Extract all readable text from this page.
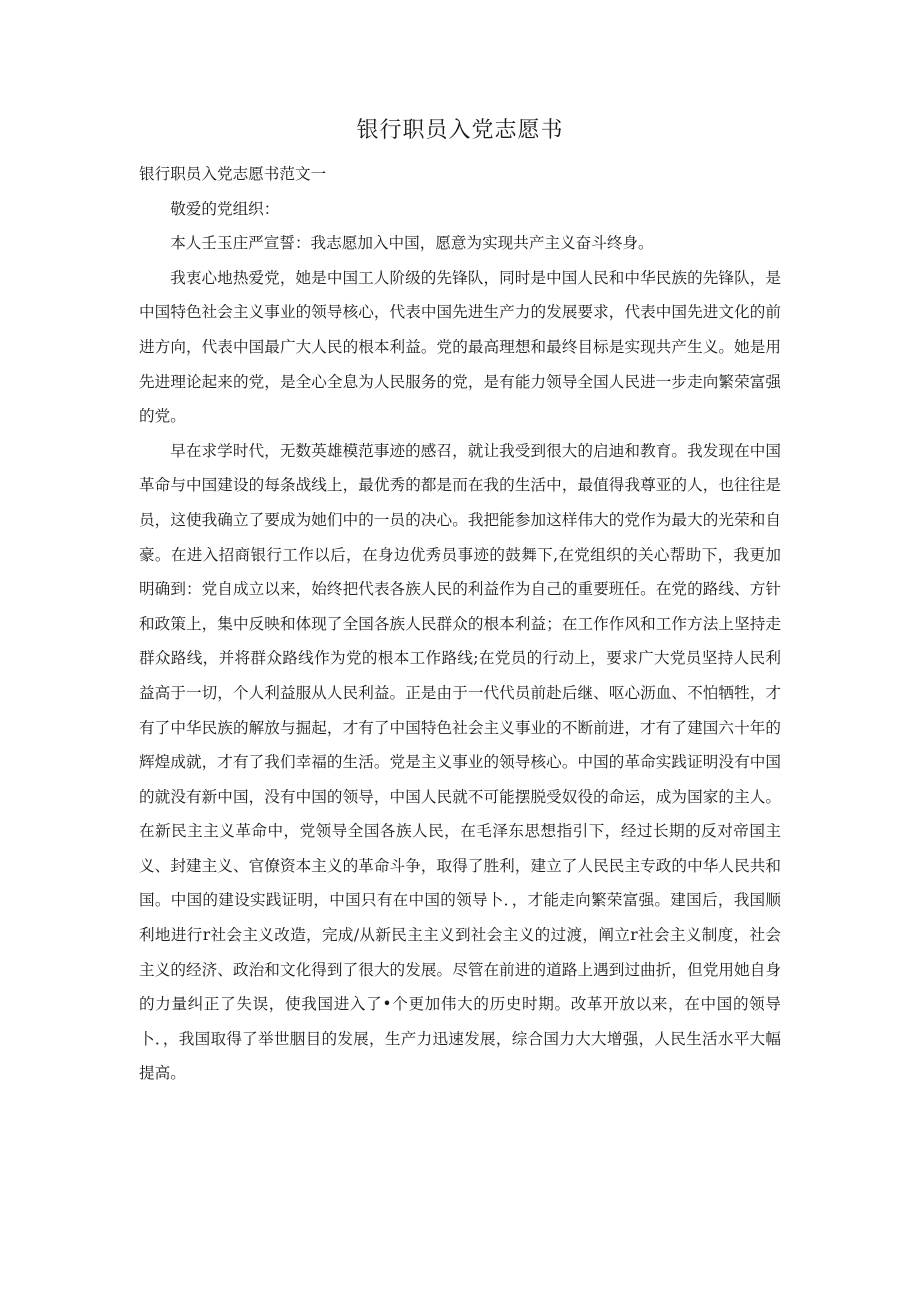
银行职员入党志愿书

银行职员入党志愿书范文一

敬爱的党组织：

本人壬玉庄严宣誓：我志愿加入中国，愿意为实现共产主义奋斗终身。

我衷心地热爱党，她是中国工人阶级的先锋队，同时是中国人民和中华民族的先锋队，是中国特色社会主义事业的领导核心，代表中国先进生产力的发展要求，代表中国先进文化的前进方向，代表中国最广大人民的根本利益。党的最高理想和最终目标是实现共产生义。她是用先进理论起来的党，是全心全息为人民服务的党，是有能力领导全国人民进一步走向繁荣富强的党。

早在求学时代，无数英雄模范事迹的感召，就让我受到很大的启迪和教育。我发现在中国革命与中国建设的每条战线上，最优秀的都是而在我的生活中，最值得我尊亚的人，也往往是员，这使我确立了要成为她们中的一员的决心。我把能参加这样伟大的党作为最大的光荣和自豪。在进入招商银行工作以后，在身边优秀员事迹的鼓舞下,在党组织的关心帮助下，我更加明确到：党自成立以来，始终把代表各族人民的利益作为自己的重要班任。在党的路线、方针和政策上，集中反映和体现了全国各族人民群众的根本利益；在工作作风和工作方法上坚持走群众路线，并将群众路线作为党的根本工作路线;在党员的行动上，要求广大党员坚持人民利益高于一切，个人利益服从人民利益。正是由于一代代员前赴后继、呕心沥血、不怕牺牲，才有了中华民族的解放与掘起，才有了中国特色社会主义事业的不断前进，才有了建国六十年的辉煌成就，才有了我们幸福的生活。党是主义事业的领导核心。中国的革命实践证明没有中国的就没有新中国，没有中国的领导，中国人民就不可能摆脱受奴役的命运，成为国家的主人。在新民主主义革命中，党领导全国各族人民，在毛泽东思想指引下，经过长期的反对帝国主义、封建主义、官僚资本主义的革命斗争，取得了胜利，建立了人民民主专政的中华人民共和国。中国的建设实践证明，中国只有在中国的领导卜．，才能走向繁荣富强。建国后，我国顺利地进行r社会主义改造，完成/从新民主主义到社会主义的过渡，阐立r社会主义制度，社会主义的经济、政治和文化得到了很大的发展。尽管在前进的道路上遇到过曲折，但党用她自身的力量纠正了失误，使我国进入了•个更加伟大的历史时期。改革开放以来，在中国的领导卜．，我国取得了举世胭目的发展，生产力迅速发展，综合国力大大增强，人民生活水平大幅提高。
